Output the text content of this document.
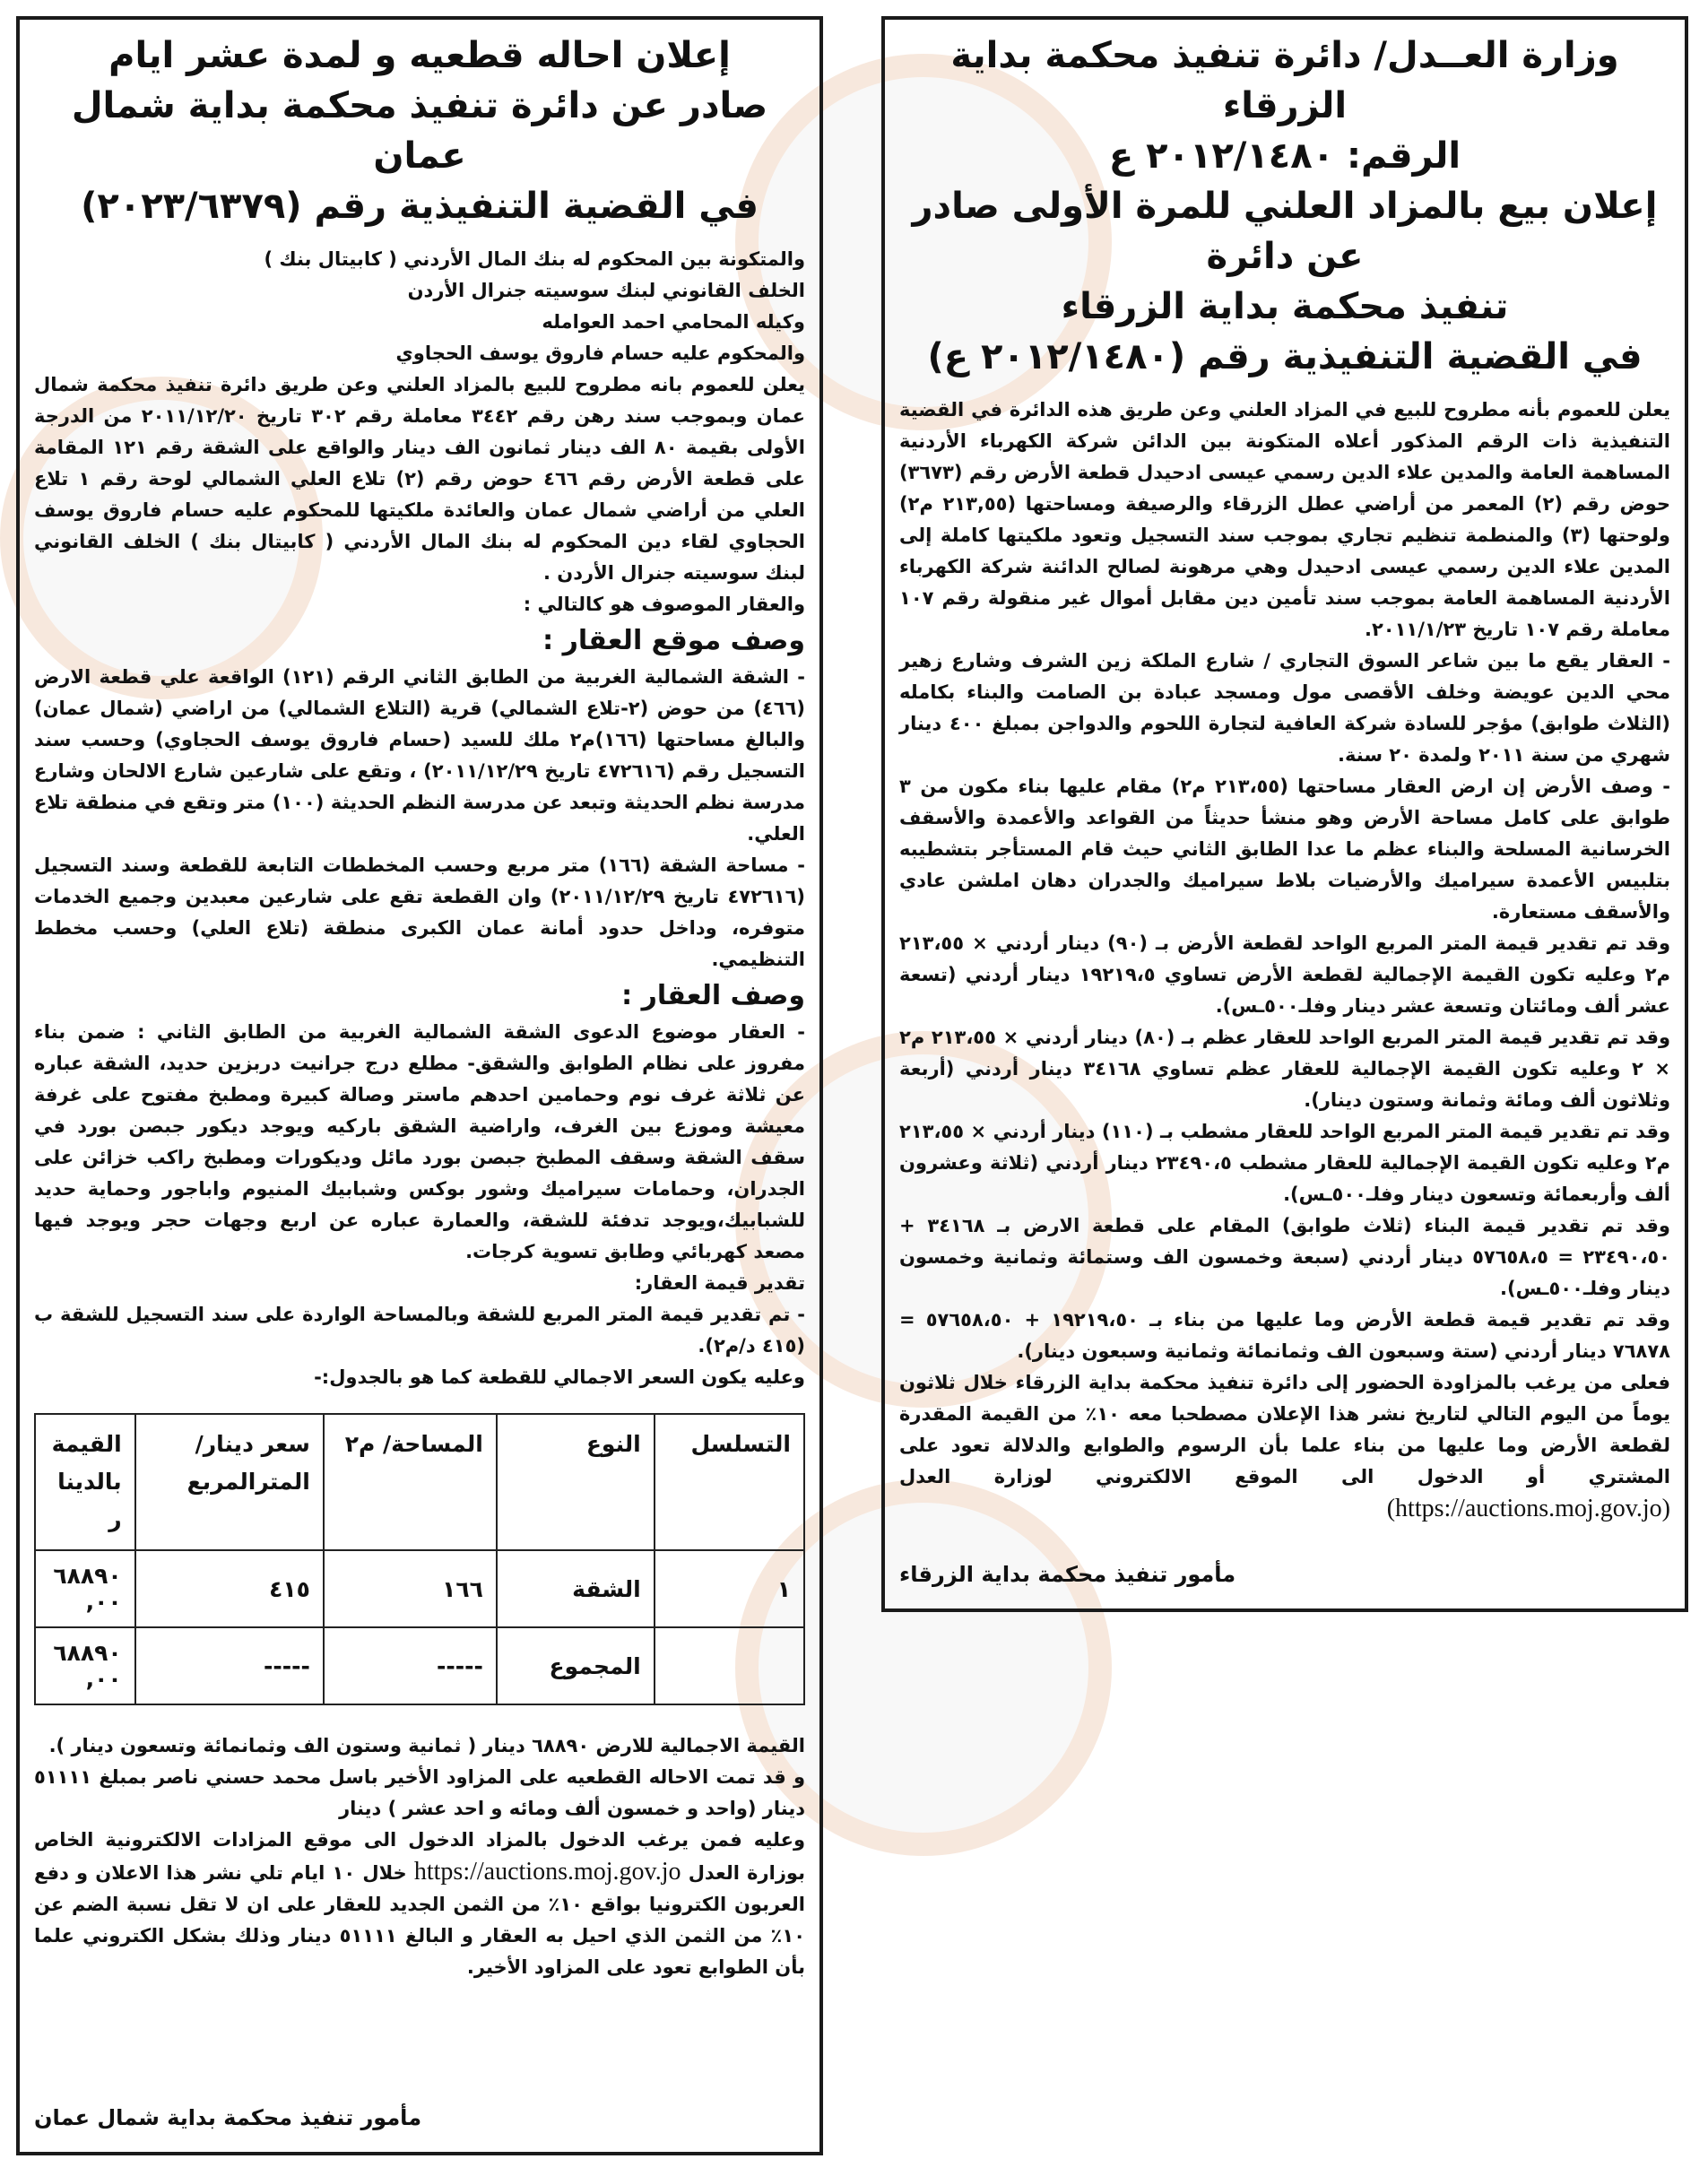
وزارة العــدل/ دائرة تنفيذ محكمة بداية الزرقاء
الرقم: ٢٠١٢/١٤٨٠ ع
إعلان بيع بالمزاد العلني للمرة الأولى صادر عن دائرة
تنفيذ محكمة بداية الزرقاء
في القضية التنفيذية رقم (٢٠١٢/١٤٨٠ ع)

يعلن للعموم بأنه مطروح للبيع في المزاد العلني وعن طريق هذه الدائرة في القضية التنفيذية ذات الرقم المذكور أعلاه المتكونة بين الدائن شركة الكهرباء الأردنية المساهمة العامة والمدين علاء الدين رسمي عيسى ادحيدل قطعة الأرض رقم (٣٦٧٣) حوض رقم (٢) المعمر من أراضي عطل الزرقاء والرصيفة ومساحتها (٢١٣,٥٥ م٢) ولوحتها (٣) والمنطمة تنظيم تجاري بموجب سند التسجيل وتعود ملكيتها كاملة إلى المدين علاء الدين رسمي عيسى ادحيدل وهي مرهونة لصالح الدائنة شركة الكهرباء الأردنية المساهمة العامة بموجب سند تأمين دين مقابل أموال غير منقولة رقم ١٠٧ معاملة رقم ١٠٧ تاريخ ٢٠١١/١/٢٣.

- العقار يقع ما بين شاعر السوق التجاري / شارع الملكة زين الشرف وشارع زهير محي الدين عويضة وخلف الأقصى مول ومسجد عبادة بن الصامت والبناء بكامله (الثلاث طوابق) مؤجر للسادة شركة العافية لتجارة اللحوم والدواجن بمبلغ ٤٠٠ دينار شهري من سنة ٢٠١١ ولمدة ٢٠ سنة.

- وصف الأرض إن ارض العقار مساحتها (٢١٣،٥٥ م٢) مقام عليها بناء مكون من ٣ طوابق على كامل مساحة الأرض وهو منشأ حديثاً من القواعد والأعمدة والأسقف الخرسانية المسلحة والبناء عظم ما عدا الطابق الثاني حيث قام المستأجر بتشطيبه بتلبيس الأعمدة سيراميك والأرضيات بلاط سيراميك والجدران دهان املشن عادي والأسقف مستعارة.

وقد تم تقدير قيمة المتر المربع الواحد لقطعة الأرض بـ (٩٠) دينار أردني × ٢١٣،٥٥ م٢ وعليه تكون القيمة الإجمالية لقطعة الأرض تساوي ١٩٢١٩،٥ دينار أردني (تسعة عشر ألف ومائتان وتسعة عشر دينار وفلـ٥٠٠ـس).

وقد تم تقدير قيمة المتر المربع الواحد للعقار عظم بـ (٨٠) دينار أردني × ٢١٣،٥٥ م٢ × ٢ وعليه تكون القيمة الإجمالية للعقار عظم تساوي ٣٤١٦٨ دينار أردني (أربعة وثلاثون ألف ومائة وثمانة وستون دينار).

وقد تم تقدير قيمة المتر المربع الواحد للعقار مشطب بـ (١١٠) دينار أردني × ٢١٣،٥٥ م٢ وعليه تكون القيمة الإجمالية للعقار مشطب ٢٣٤٩٠،٥ دينار أردني (ثلاثة وعشرون ألف وأربعمائة وتسعون دينار وفلـ٥٠٠ـس).

وقد تم تقدير قيمة البناء (ثلاث طوابق) المقام على قطعة الارض بـ ٣٤١٦٨ + ٢٣٤٩٠،٥٠ = ٥٧٦٥٨،٥ دينار أردني (سبعة وخمسون الف وستمائة وثمانية وخمسون دينار وفلـ٥٠٠ـس).

وقد تم تقدير قيمة قطعة الأرض وما عليها من بناء بـ ١٩٢١٩،٥٠ + ٥٧٦٥٨،٥٠ = ٧٦٨٧٨ دينار أردني (ستة وسبعون الف وثمانمائة وثمانية وسبعون دينار).

فعلى من يرغب بالمزاودة الحضور إلى دائرة تنفيذ محكمة بداية الزرقاء خلال ثلاثون يوماً من اليوم التالي لتاريخ نشر هذا الإعلان مصطحبا معه ١٠٪ من القيمة المقدرة لقطعة الأرض وما عليها من بناء علما بأن الرسوم والطوابع والدلالة تعود على المشتري أو الدخول الى الموقع الالكتروني لوزارة العدل (https://auctions.moj.gov.jo)

مأمور تنفيذ محكمة بداية الزرقاء
إعلان احاله قطعيه و لمدة عشر ايام
صادر عن دائرة تنفيذ محكمة بداية شمال عمان
في القضية التنفيذية رقم (٢٠٢٣/٦٣٧٩)

والمتكونة بين المحكوم له بنك المال الأردني ( كابيتال بنك )

الخلف القانوني لبنك سوسيته جنرال الأردن

وكيله المحامي احمد العوامله

والمحكوم عليه حسام فاروق يوسف الحجاوي

يعلن للعموم بانه مطروح للبيع بالمزاد العلني وعن طريق دائرة تنفيذ محكمة شمال عمان وبموجب سند رهن رقم ٣٤٤٢ معاملة رقم ٣٠٢ تاريخ ٢٠١١/١٢/٢٠ من الدرجة الأولى بقيمة ٨٠ الف دينار ثمانون الف دينار والواقع على الشقة رقم ١٢١ المقامة على قطعة الأرض رقم ٤٦٦ حوض رقم (٢) تلاع العلي الشمالي لوحة رقم ١ تلاع العلي من أراضي شمال عمان والعائدة ملكيتها للمحكوم عليه حسام فاروق يوسف الحجاوي لقاء دين المحكوم له بنك المال الأردني ( كابيتال بنك ) الخلف القانوني لبنك سوسيته جنرال الأردن .

والعقار الموصوف هو كالتالي :

وصف موقع العقار :

- الشقة الشمالية الغربية من الطابق الثاني الرقم (١٢١) الواقعة علي قطعة الارض (٤٦٦) من حوض (٢-تلاع الشمالي) قرية (التلاع الشمالي) من اراضي (شمال عمان) والبالغ مساحتها (١٦٦)م٢ ملك للسيد (حسام فاروق يوسف الحجاوي) وحسب سند التسجيل رقم (٤٧٢٦١٦ تاريخ ٢٠١١/١٢/٢٩) ، وتقع على شارعين شارع الالحان وشارع مدرسة نظم الحديثة وتبعد عن مدرسة النظم الحديثة (١٠٠) متر وتقع في منطقة تلاع العلي.

- مساحة الشقة (١٦٦) متر مربع وحسب المخططات التابعة للقطعة وسند التسجيل (٤٧٢٦١٦ تاريخ ٢٠١١/١٢/٢٩) وان القطعة تقع على شارعين معبدين وجميع الخدمات متوفره، وداخل حدود أمانة عمان الكبرى منطقة (تلاع العلي) وحسب مخطط التنظيمي.

وصف العقار :

- العقار موضوع الدعوى الشقة الشمالية الغربية من الطابق الثاني : ضمن بناء مفروز على نظام الطوابق والشقق- مطلع درج جرانيت دربزين حديد، الشقة عباره عن ثلاثة غرف نوم وحمامين احدهم ماستر وصالة كبيرة ومطبخ مفتوح على غرفة معيشة وموزع بين الغرف، واراضية الشقق باركيه ويوجد ديكور جبصن بورد في سقف الشقة وسقف المطبخ جبصن بورد مائل وديكورات ومطبخ راكب خزائن على الجدران، وحمامات سيراميك وشور بوكس وشبابيك المنيوم واباجور وحماية حديد للشبابيك،ويوجد تدفئة للشقة، والعمارة عباره عن اربع وجهات حجر ويوجد فيها مصعد كهربائي وطابق تسوية كرجات.

تقدير قيمة العقار:

- تم تقدير قيمة المتر المربع للشقة وبالمساحة الواردة على سند التسجيل للشقة ب (٤١٥ د/م٢).

وعليه يكون السعر الاجمالي للقطعة كما هو بالجدول:-

التسلسل	النوع	المساحة/ م٢	سعر دينار/ المترالمربع	القيمة بالدينار
١	الشقة	١٦٦	٤١٥	٦٨٨٩٠,٠٠
	المجموع	-----	-----	٦٨٨٩٠,٠٠

القيمة الاجمالية للارض ٦٨٨٩٠ دينار ( ثمانية وستون الف وثمانمائة وتسعون دينار ).

و قد تمت الاحاله القطعيه على المزاود الأخير باسل محمد حسني ناصر بمبلغ ٥١١١١ دينار (واحد و خمسون ألف ومائه و احد عشر ) دينار

وعليه فمن يرغب الدخول بالمزاد الدخول الى موقع المزادات الالكترونية الخاص بوزارة العدل https://auctions.moj.gov.jo خلال ١٠ ايام تلي نشر هذا الاعلان و دفع العربون الكترونيا بواقع ١٠٪ من الثمن الجديد للعقار على ان لا تقل نسبة الضم عن ١٠٪ من الثمن الذي احيل به العقار و البالغ ٥١١١١ دينار وذلك بشكل الكتروني علما بأن الطوابع تعود على المزاود الأخير.

مأمور تنفيذ محكمة بداية شمال عمان
